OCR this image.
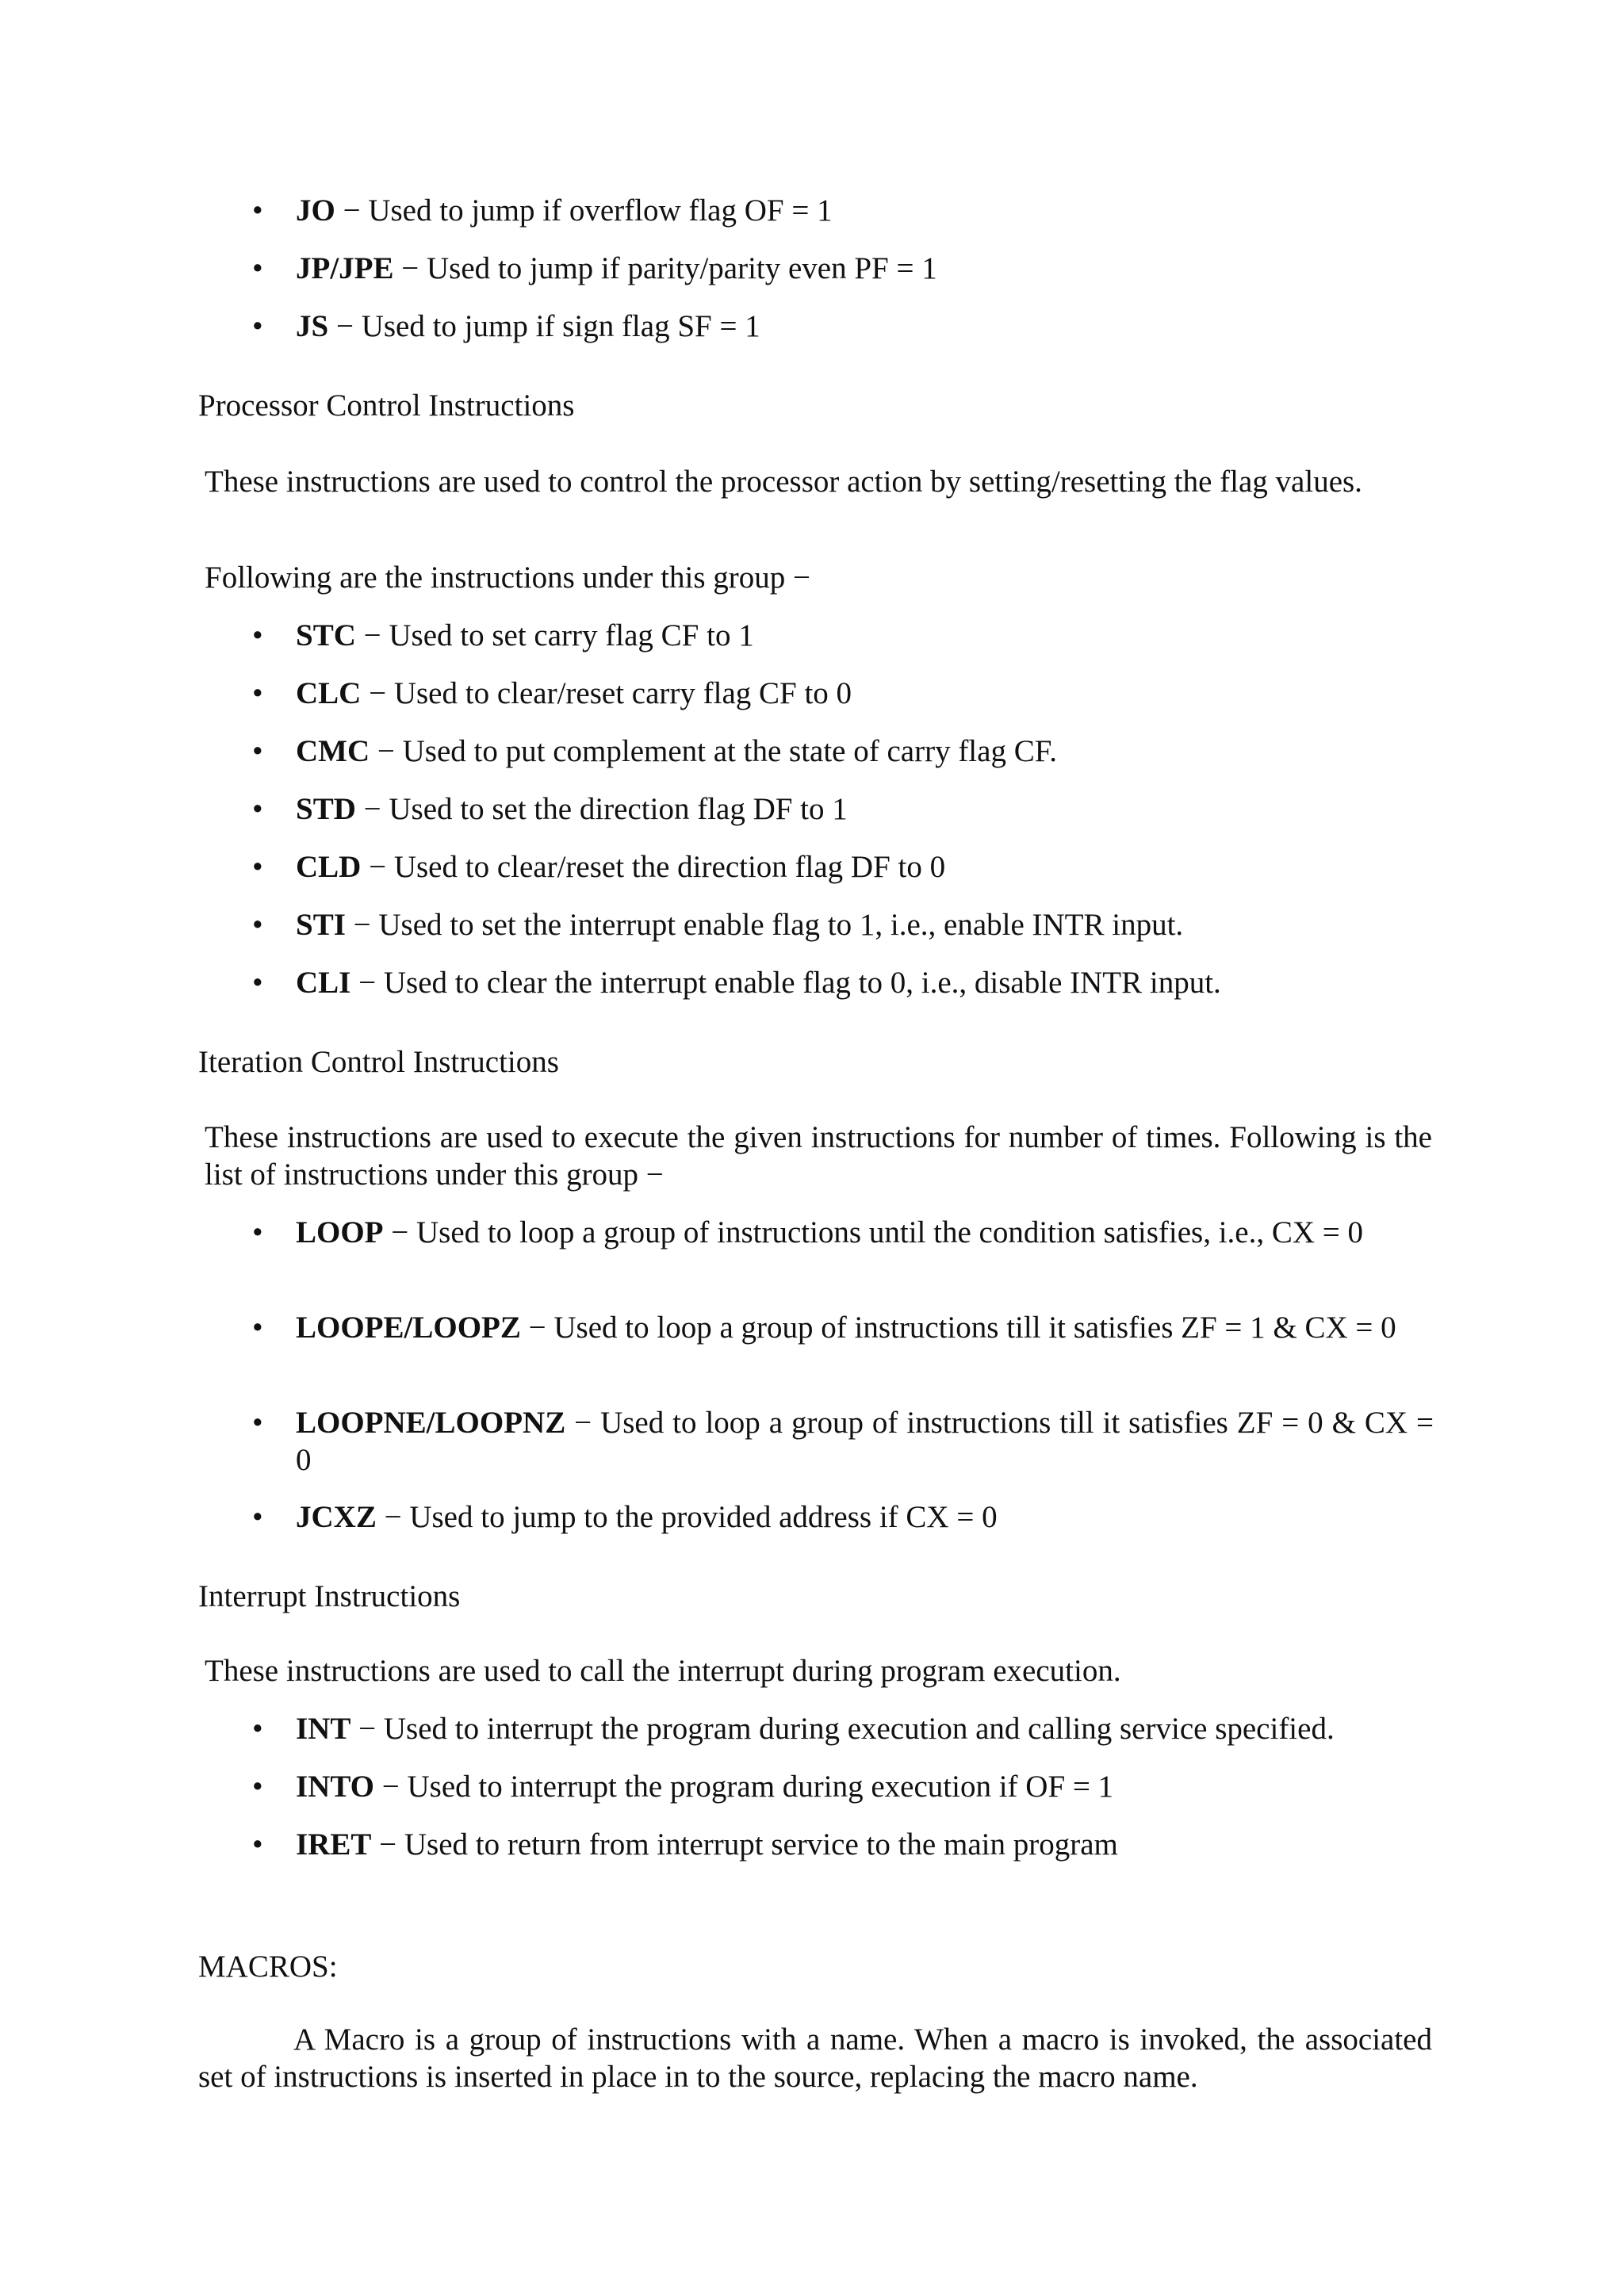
•	JO − Used to jump if overflow flag OF = 1
•	JP/JPE − Used to jump if parity/parity even PF = 1
•	JS − Used to jump if sign flag SF = 1
Processor Control Instructions
These instructions are used to control the processor action by setting/resetting the flag values.
Following are the instructions under this group −
•	STC − Used to set carry flag CF to 1
•	CLC − Used to clear/reset carry flag CF to 0
•	CMC − Used to put complement at the state of carry flag CF.
•	STD − Used to set the direction flag DF to 1
•	CLD − Used to clear/reset the direction flag DF to 0
•	STI − Used to set the interrupt enable flag to 1, i.e., enable INTR input.
•	CLI − Used to clear the interrupt enable flag to 0, i.e., disable INTR input.
Iteration Control Instructions
These instructions are used to execute the given instructions for number of times. Following is the list of instructions under this group −
•	LOOP − Used to loop a group of instructions until the condition satisfies, i.e., CX = 0
•	LOOPE/LOOPZ − Used to loop a group of instructions till it satisfies ZF = 1 & CX = 0
•	LOOPNE/LOOPNZ − Used to loop a group of instructions till it satisfies ZF = 0 & CX = 0
•	JCXZ − Used to jump to the provided address if CX = 0
Interrupt Instructions
These instructions are used to call the interrupt during program execution.
•	INT − Used to interrupt the program during execution and calling service specified.
•	INTO − Used to interrupt the program during execution if OF = 1
•	IRET − Used to return from interrupt service to the main program
MACROS:
A Macro is a group of instructions with a name. When a macro is invoked, the associated set of instructions is inserted in place in to the source, replacing the macro name.
